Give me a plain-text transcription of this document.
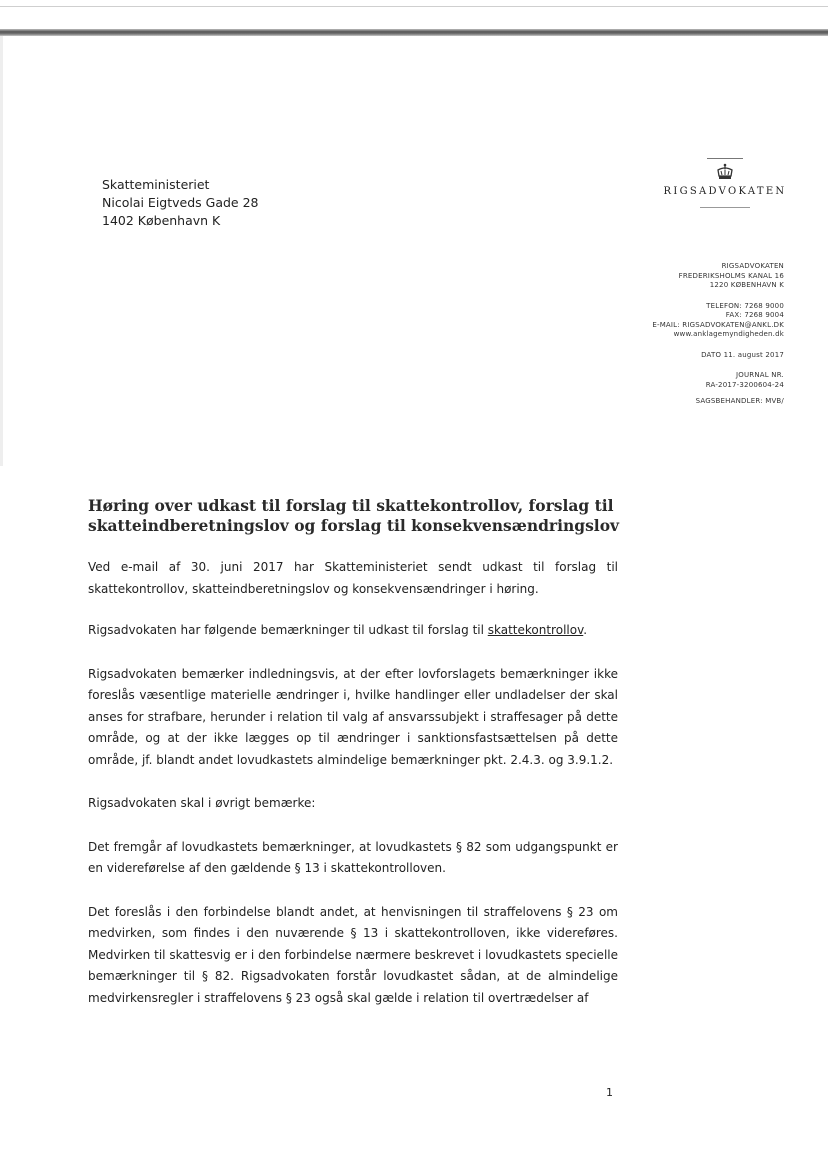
Skatteministeriet
Nicolai Eigtveds Gade 28
1402 København K
RIGSADVOKATEN
RIGSADVOKATEN
FREDERIKSHOLMS KANAL 16
1220 KØBENHAVN K
TELEFON: 7268 9000
FAX: 7268 9004
E-MAIL: RIGSADVOKATEN@ANKL.DK
www.anklagemyndigheden.dk
DATO 11. august 2017
JOURNAL NR.
RA-2017-3200604-24
SAGSBEHANDLER: MVB/
Høring over udkast til forslag til skattekontrollov, forslag til
skatteindberetningslov og forslag til konsekvensændringslov

Ved e-mail af 30. juni 2017 har Skatteministeriet sendt udkast til forslag til skattekontrollov, skatteindberetningslov og konsekvensændringer i høring.

Rigsadvokaten har følgende bemærkninger til udkast til forslag til skattekontrollov.

Rigsadvokaten bemærker indledningsvis, at der efter lovforslagets bemærkninger ikke foreslås væsentlige materielle ændringer i, hvilke handlinger eller undladelser der skal anses for strafbare, herunder i relation til valg af ansvarssubjekt i straffesager på dette område, og at der ikke lægges op til ændringer i sanktionsfastsættelsen på dette område, jf. blandt andet lovudkastets almindelige bemærkninger pkt. 2.4.3. og 3.9.1.2.

Rigsadvokaten skal i øvrigt bemærke:

Det fremgår af lovudkastets bemærkninger, at lovudkastets § 82 som udgangspunkt er en videreførelse af den gældende § 13 i skattekontrolloven.

Det foreslås i den forbindelse blandt andet, at henvisningen til straffelovens § 23 om medvirken, som findes i den nuværende § 13 i skattekontrolloven, ikke videreføres. Medvirken til skattesvig er i den forbindelse nærmere beskrevet i lovudkastets specielle bemærkninger til § 82. Rigsadvokaten forstår lovudkastet sådan, at de almindelige medvirkensregler i straffelovens § 23 også skal gælde i relation til overtrædelser af

1
